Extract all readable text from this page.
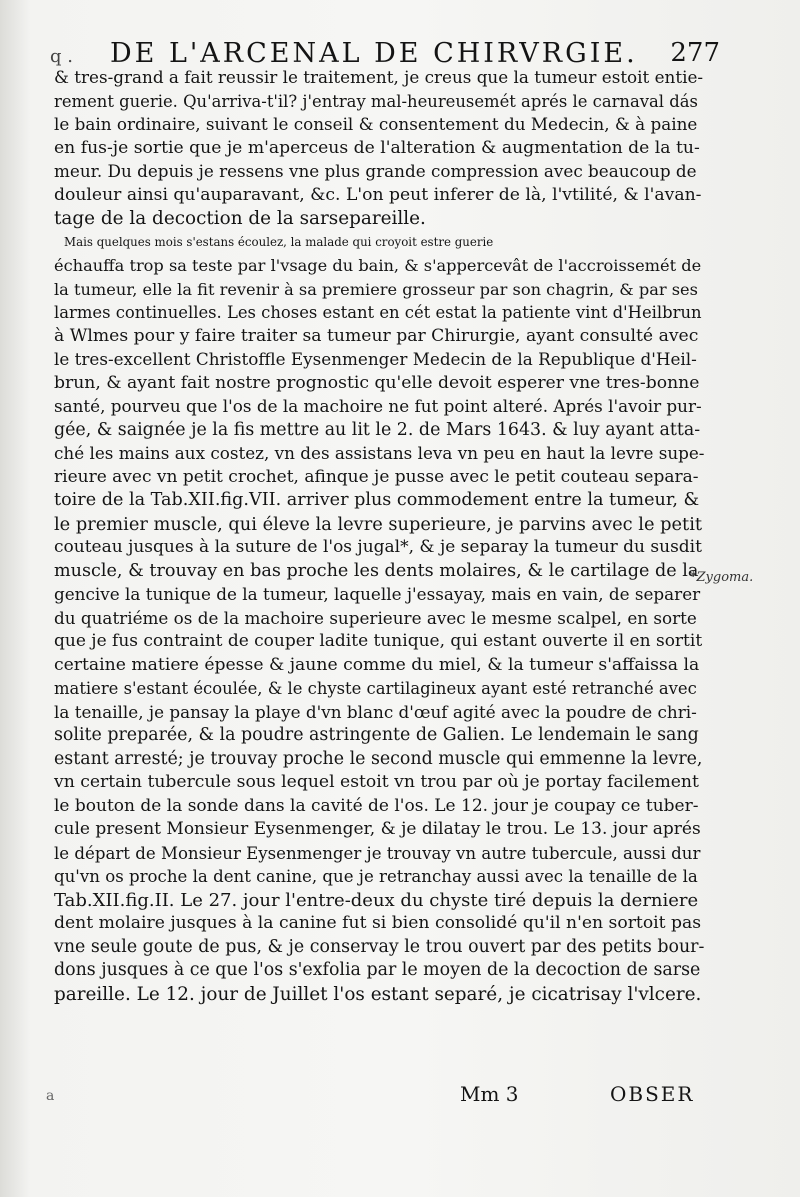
q . DE L'ARCENAL DE CHIRVRGIE. 277
& tres-grand a fait reussir le traitement, je creus que la tumeur estoit entie-
rement guerie. Qu'arriva-t'il? j'entray mal-heureusemét aprés le carnaval dás
le bain ordinaire, suivant le conseil & consentement du Medecin, & à paine
en fus-je sortie que je m'aperceus de l'alteration & augmentation de la tu-
meur. Du depuis je ressens vne plus grande compression avec beaucoup de
douleur ainsi qu'auparavant, &c. L'on peut inferer de là, l'vtilité, & l'avan-
tage de la decoction de la sarsepareille.
Mais quelques mois s'estans écoulez, la malade qui croyoit estre guerie
échauffa trop sa teste par l'vsage du bain, & s'appercevât de l'accroissemét de
la tumeur, elle la fit revenir à sa premiere grosseur par son chagrin, & par ses
larmes continuelles. Les choses estant en cét estat la patiente vint d'Heilbrun
à Wlmes pour y faire traiter sa tumeur par Chirurgie, ayant consulté avec
le tres-excellent Christoffle Eysenmenger Medecin de la Republique d'Heil-
brun, & ayant fait nostre prognostic qu'elle devoit esperer vne tres-bonne
santé, pourveu que l'os de la machoire ne fut point alteré. Aprés l'avoir pur-
gée, & saignée je la fis mettre au lit le 2. de Mars 1643. & luy ayant atta-
ché les mains aux costez, vn des assistans leva vn peu en haut la levre supe-
rieure avec vn petit crochet, afinque je pusse avec le petit couteau separa-
toire de la Tab.XII.fig.VII. arriver plus commodement entre la tumeur, &
le premier muscle, qui éleve la levre superieure, je parvins avec le petit
couteau jusques à la suture de l'os jugal*, & je separay la tumeur du susdit
muscle, & trouvay en bas proche les dents molaires, & le cartilage de la
gencive la tunique de la tumeur, laquelle j'essayay, mais en vain, de separer
du quatriéme os de la machoire superieure avec le mesme scalpel, en sorte
que je fus contraint de couper ladite tunique, qui estant ouverte il en sortit
certaine matiere épesse & jaune comme du miel, & la tumeur s'affaissa la
matiere s'estant écoulée, & le chyste cartilagineux ayant esté retranché avec
la tenaille, je pansay la playe d'vn blanc d'œuf agité avec la poudre de chri-
solite preparée, & la poudre astringente de Galien. Le lendemain le sang
estant arresté; je trouvay proche le second muscle qui emmenne la levre,
vn certain tubercule sous lequel estoit vn trou par où je portay facilement
le bouton de la sonde dans la cavité de l'os. Le 12. jour je coupay ce tuber-
cule present Monsieur Eysenmenger, & je dilatay le trou. Le 13. jour aprés
le départ de Monsieur Eysenmenger je trouvay vn autre tubercule, aussi dur
qu'vn os proche la dent canine, que je retranchay aussi avec la tenaille de la
Tab.XII.fig.II. Le 27. jour l'entre-deux du chyste tiré depuis la derniere
dent molaire jusques à la canine fut si bien consolidé qu'il n'en sortoit pas
vne seule goute de pus, & je conservay le trou ouvert par des petits bour-
dons jusques à ce que l'os s'exfolia par le moyen de la decoction de sarse
pareille. Le 12. jour de Juillet l'os estant separé, je cicatrisay l'vlcere.
*Zygoma.
a	Mm 3	OBSER
